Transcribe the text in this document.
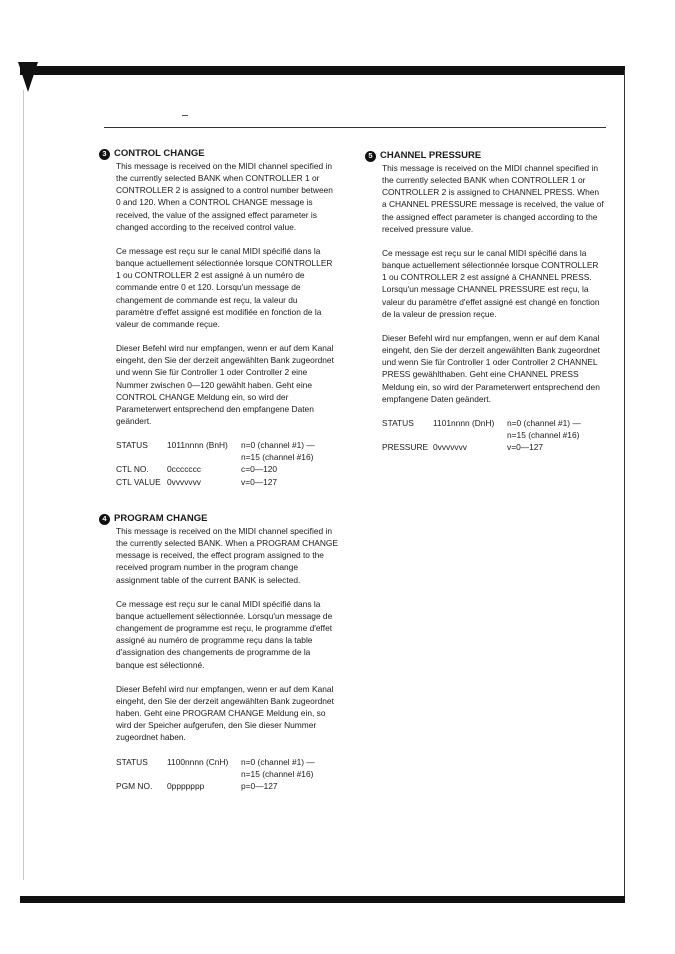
3 CONTROL CHANGE

This message is received on the MIDI channel specified in the currently selected BANK when CONTROLLER 1 or CONTROLLER 2 is assigned to a control number between 0 and 120. When a CONTROL CHANGE message is received, the value of the assigned effect parameter is changed according to the received control value.

Ce message est reçu sur le canal MIDI spécifié dans la banque actuellement sélectionnée lorsque CONTROLLER 1 ou CONTROLLER 2 est assigné à un numéro de commande entre 0 et 120. Lorsqu'un message de changement de commande est reçu, la valeur du paramètre d'effet assigné est modifiée en fonction de la valeur de commande reçue.

Dieser Befehl wird nur empfangen, wenn er auf dem Kanal eingeht, den Sie der derzeit angewählten Bank zugeordnet und wenn Sie für Controller 1 oder Controller 2 eine Nummer zwischen 0—120 gewählt haben. Geht eine CONTROL CHANGE Meldung ein, so wird der Parameterwert entsprechend den empfangene Daten geändert.

STATUS	1011nnnn (BnH)	n=0 (channel #1) —
n=15 (channel #16)
CTL NO.	0ccccccc	c=0—120
CTL VALUE 0vvvvvvv	v=0—127
4 PROGRAM CHANGE

This message is received on the MIDI channel specified in the currently selected BANK. When a PROGRAM CHANGE message is received, the effect program assigned to the received program number in the program change assignment table of the current BANK is selected.

Ce message est reçu sur le canal MIDI spécifié dans la banque actuellement sélectionnée. Lorsqu'un message de changement de programme est reçu, le programme d'effet assigné au numéro de programme reçu dans la table d'assignation des changements de programme de la banque est sélectionné.

Dieser Befehl wird nur empfangen, wenn er auf dem Kanal eingeht, den Sie der derzeit angewählten Bank zugeordnet haben. Geht eine PROGRAM CHANGE Meldung ein, so wird der Speicher aufgerufen, den Sie dieser Nummer zugeordnet haben.

STATUS	1100nnnn (CnH)	n=0 (channel #1) —
n=15 (channel #16)
PGM NO.	0ppppppp	p=0—127
5 CHANNEL PRESSURE

This message is received on the MIDI channel specified in the currently selected BANK when CONTROLLER 1 or CONTROLLER 2 is assigned to CHANNEL PRESS. When a CHANNEL PRESSURE message is received, the value of the assigned effect parameter is changed according to the received pressure value.

Ce message est reçu sur le canal MIDI spécifié dans la banque actuellement sélectionnée lorsque CONTROLLER 1 ou CONTROLLER 2 est assigné à CHANNEL PRESS. Lorsqu'un message CHANNEL PRESSURE est reçu, la valeur du paramètre d'effet assigné est changé en fonction de la valeur de pression reçue.

Dieser Befehl wird nur empfangen, wenn er auf dem Kanal eingeht, den Sie der derzeit angewählten Bank zugeordnet und wenn Sie für Controller 1 oder Controller 2 CHANNEL PRESS gewählthaben. Geht eine CHANNEL PRESS Meldung ein, so wird der Parameterwert entsprechend den empfangene Daten geändert.

STATUS	1101nnnn (DnH)	n=0 (channel #1) —
n=15 (channel #16)
PRESSURE 0vvvvvvv	v=0—127
